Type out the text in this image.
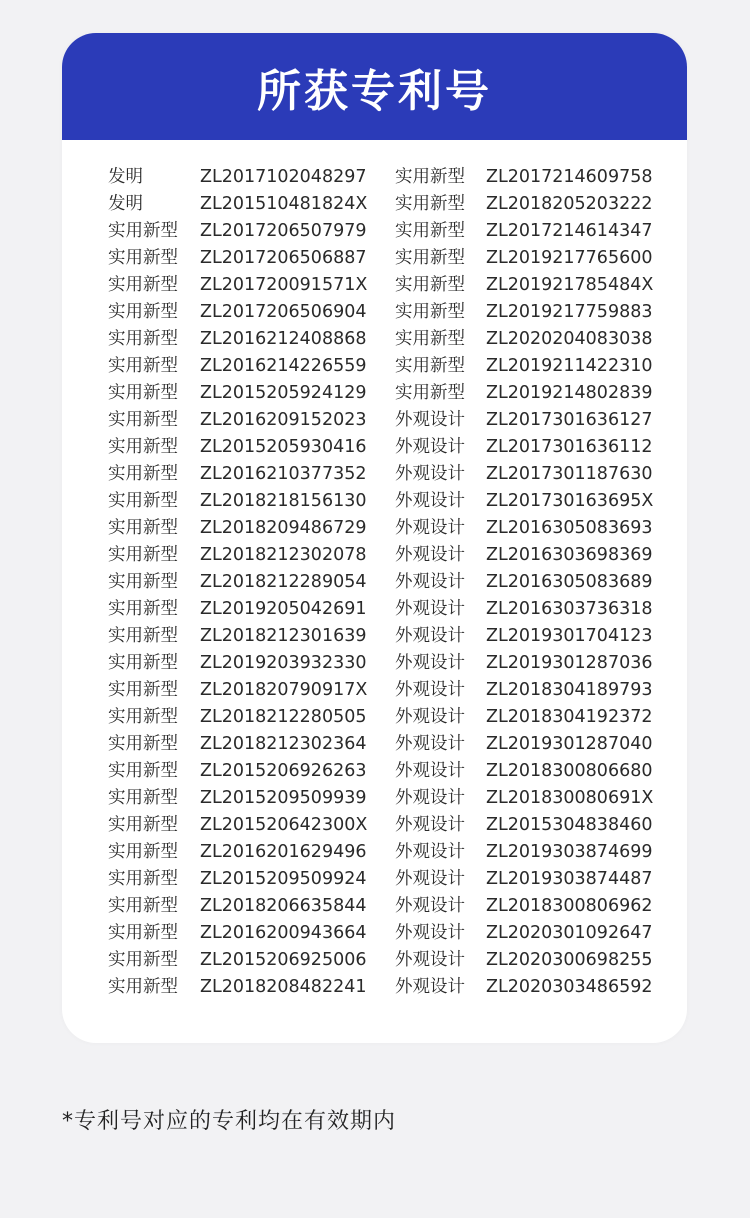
所获专利号
发明	ZL2017102048297 实用新型 ZL2017214609758
发明	ZL201510481824X 实用新型 ZL2018205203222
实用新型 ZL2017206507979 实用新型 ZL2017214614347
实用新型 ZL2017206506887 实用新型 ZL2019217765600
实用新型 ZL201720091571X 实用新型 ZL201921785484X
实用新型 ZL2017206506904 实用新型 ZL2019217759883
实用新型 ZL2016212408868 实用新型 ZL2020204083038
实用新型 ZL2016214226559 实用新型 ZL2019211422310
实用新型 ZL2015205924129 实用新型 ZL2019214802839
实用新型 ZL2016209152023 外观设计 ZL2017301636127
实用新型 ZL2015205930416 外观设计 ZL2017301636112
实用新型 ZL2016210377352 外观设计 ZL2017301187630
实用新型 ZL2018218156130 外观设计 ZL201730163695X
实用新型 ZL2018209486729 外观设计 ZL2016305083693
实用新型 ZL2018212302078 外观设计 ZL2016303698369
实用新型 ZL2018212289054 外观设计 ZL2016305083689
实用新型 ZL2019205042691 外观设计 ZL2016303736318
实用新型 ZL2018212301639 外观设计 ZL2019301704123
实用新型 ZL2019203932330 外观设计 ZL2019301287036
实用新型 ZL201820790917X 外观设计 ZL2018304189793
实用新型 ZL2018212280505 外观设计 ZL2018304192372
实用新型 ZL2018212302364 外观设计 ZL2019301287040
实用新型 ZL2015206926263 外观设计 ZL2018300806680
实用新型 ZL2015209509939 外观设计 ZL201830080691X
实用新型 ZL201520642300X 外观设计 ZL2015304838460
实用新型 ZL2016201629496 外观设计 ZL2019303874699
实用新型 ZL2015209509924 外观设计 ZL2019303874487
实用新型 ZL2018206635844 外观设计 ZL2018300806962
实用新型 ZL2016200943664 外观设计 ZL2020301092647
实用新型 ZL2015206925006 外观设计 ZL2020300698255
实用新型 ZL2018208482241 外观设计 ZL2020303486592
*专利号对应的专利均在有效期内
